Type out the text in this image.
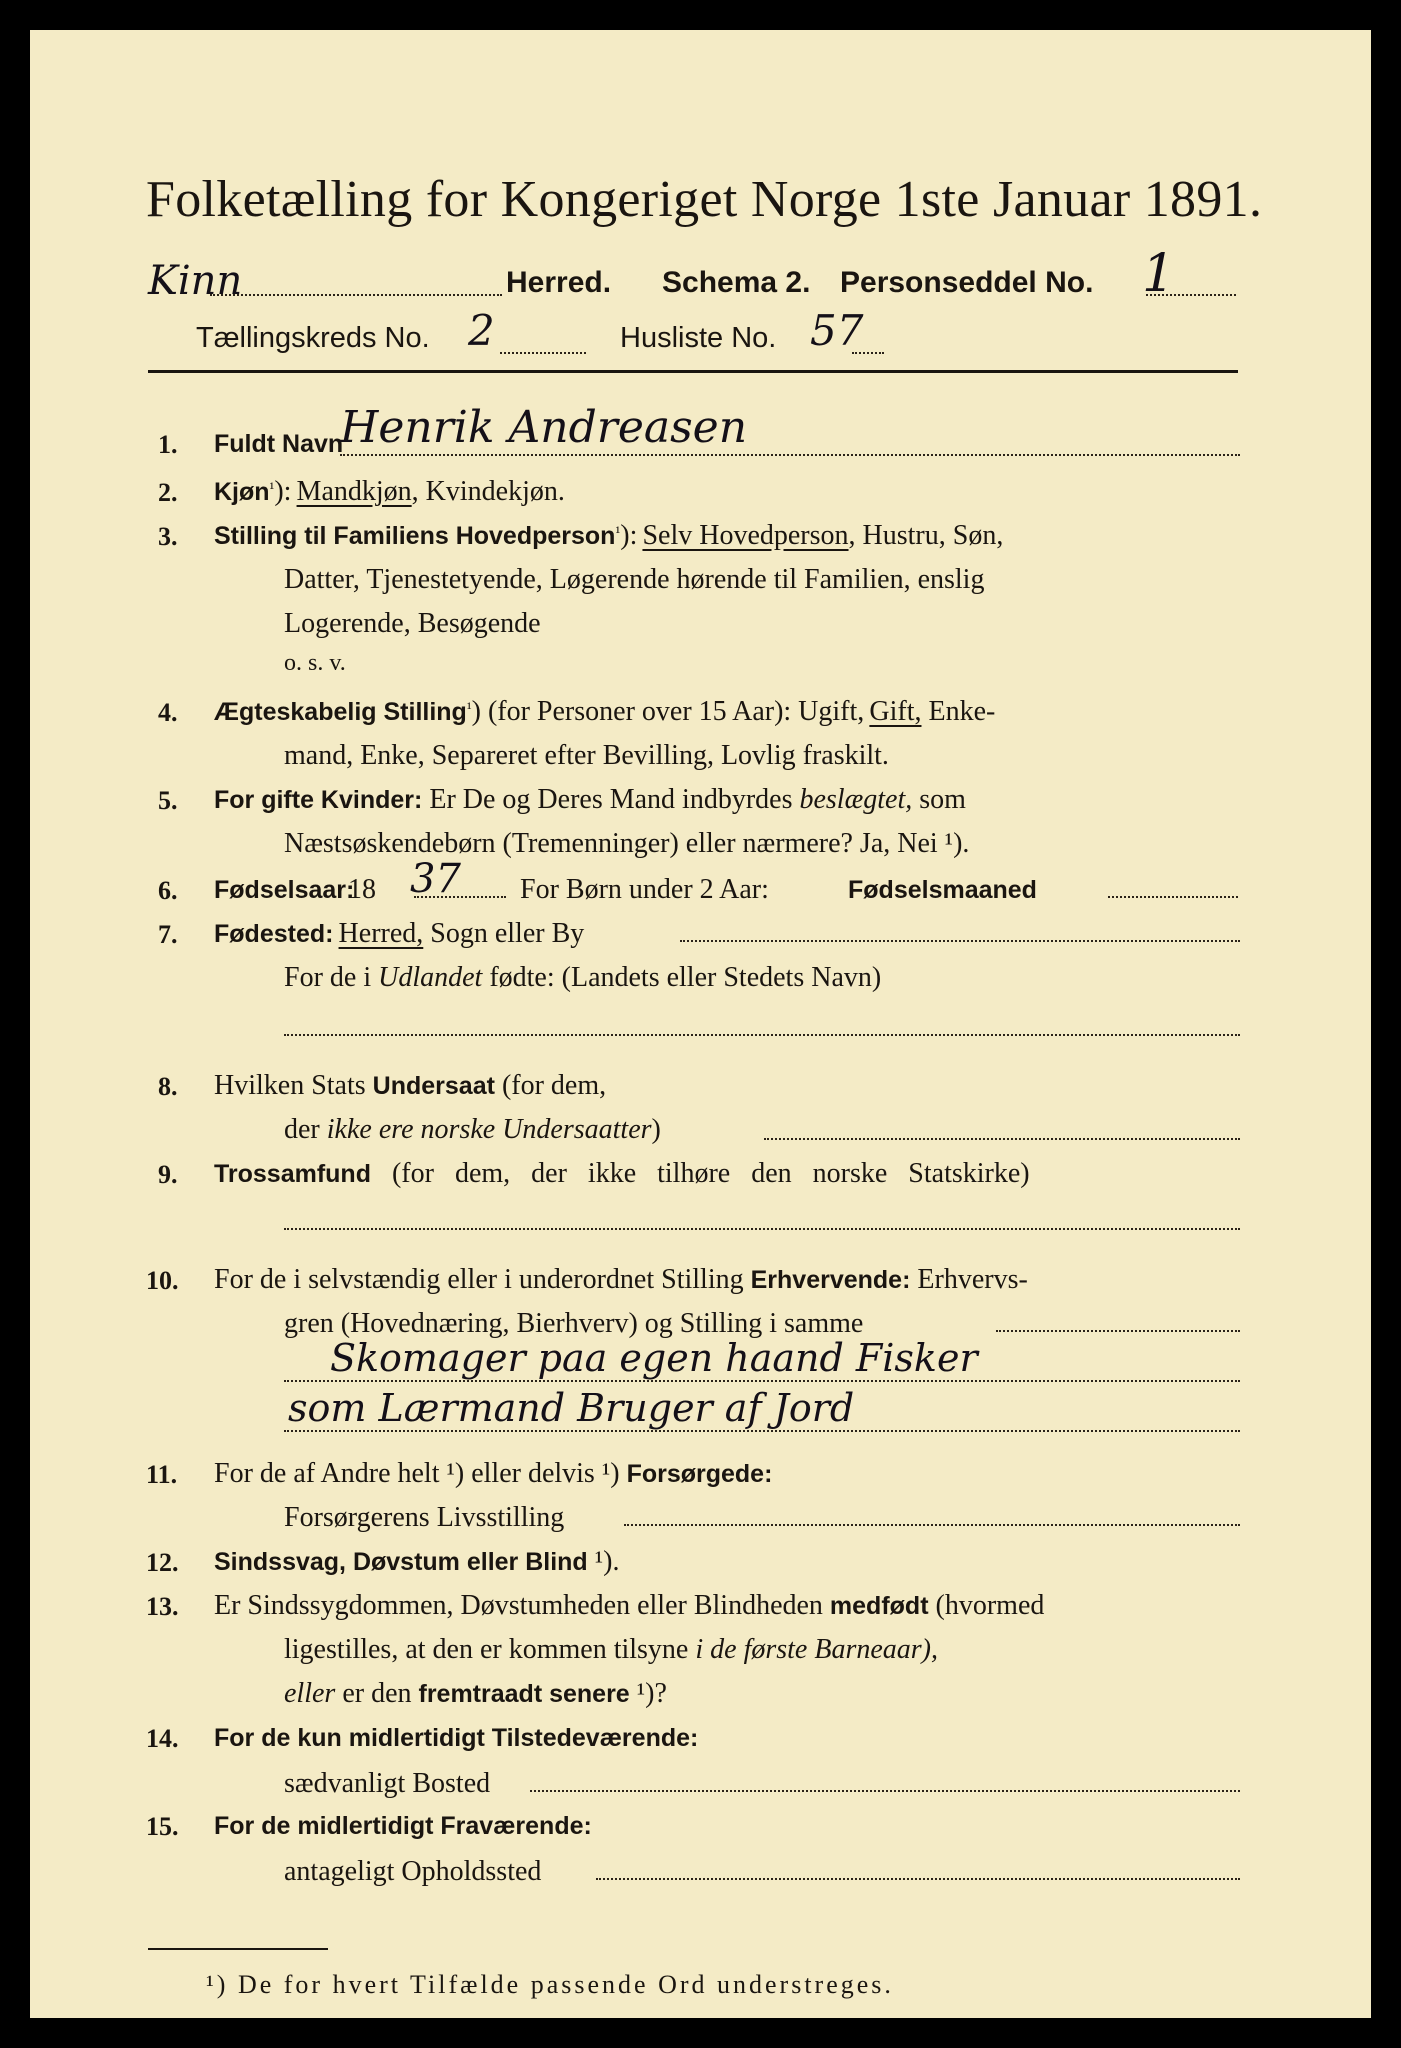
Folketælling for Kongeriget Norge 1ste Januar 1891.
Kinn	Herred. Schema 2. Personseddel No. 1
Tællingskreds No. 2	Husliste No. 57
1. Fuldt Navn
Henrik Andreasen
2. Kjøn$^{^1}$): Mandkjøn, Kvindekjøn.
3. Stilling til Familiens Hovedperson$^{^1}$): Selv Hovedperson, Hustru, Søn,
Datter, Tjenestetyende, Løgerende hørende til Familien, enslig
Logerende, Besøgende
o. s. v.
4. Ægteskabelig Stilling$^{^1}$) (for Personer over 15 Aar): Ugift, Gift, Enke-
mand, Enke, Separeret efter Bevilling, Lovlig fraskilt.
5. For gifte Kvinder: Er De og Deres Mand indbyrdes beslægtet, som
Næstsøskendebørn (Tremenninger) eller nærmere? Ja, Nei ¹).
6. Fødselsaar:
18 37 For Børn under 2 Aar:	Fødselsmaaned
7. Fødested: Herred, Sogn eller By
For de i Udlandet fødte: (Landets eller Stedets Navn)
8. Hvilken Stats Undersaat (for dem,
der ikke ere norske Undersaatter)
9. Trossamfund (for dem, der ikke tilhøre den norske Statskirke)
10. For de i selvstændig eller i underordnet Stilling Erhvervende: Erhvervs-
gren (Hovednæring, Bierhverv) og Stilling i samme
Skomager paa egen haand Fisker
som Lærmand Bruger af Jord
11. For de af Andre helt ¹) eller delvis ¹) Forsørgede:
Forsørgerens Livsstilling
12. Sindssvag, Døvstum eller Blind ¹).
13. Er Sindssygdommen, Døvstumheden eller Blindheden medfødt (hvormed
ligestilles, at den er kommen tilsyne i de første Barneaar),
eller er den fremtraadt senere ¹)?
14. For de kun midlertidigt Tilstedeværende:
sædvanligt Bosted
15. For de midlertidigt Fraværende:
antageligt Opholdssted
¹) De for hvert Tilfælde passende Ord understreges.
